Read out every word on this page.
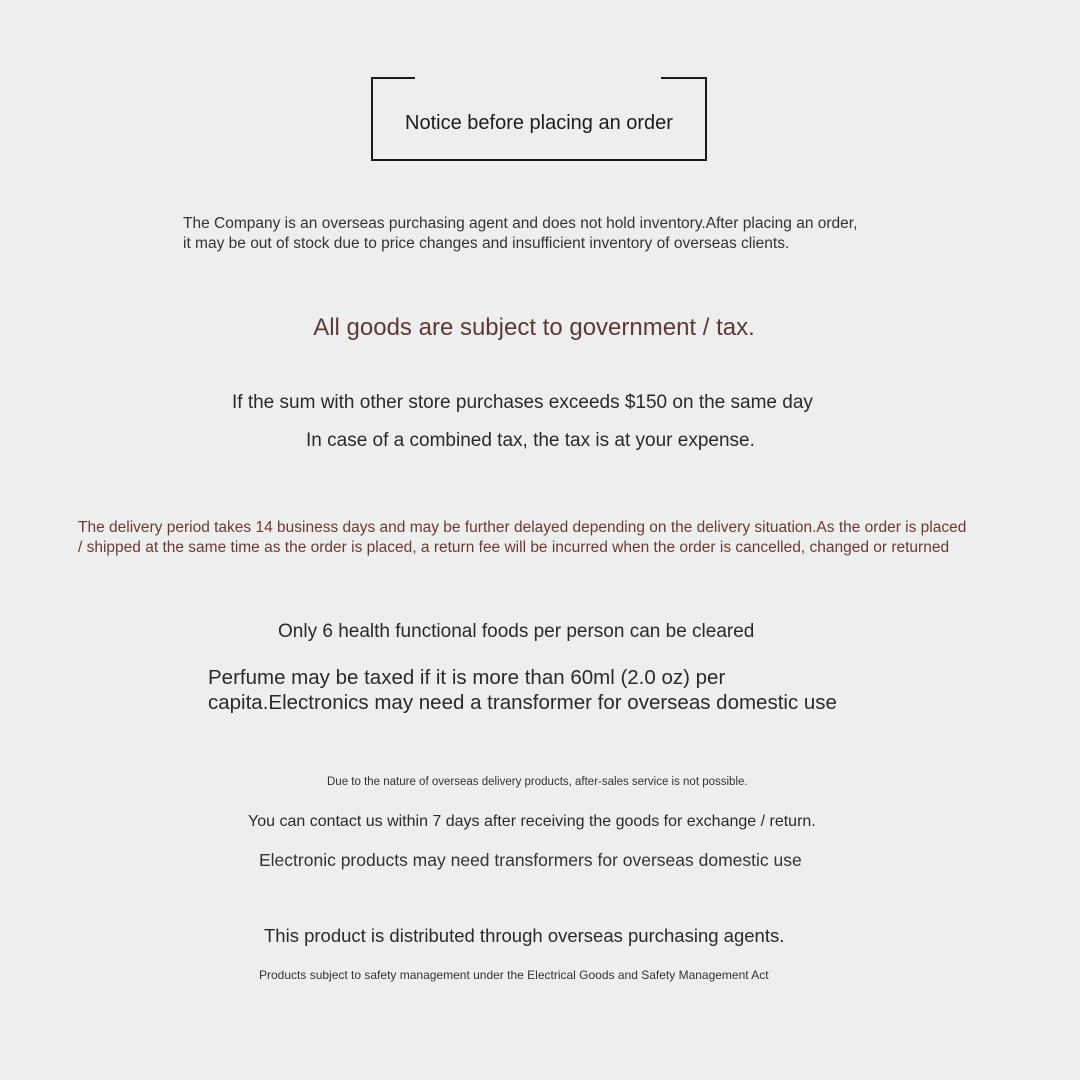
Notice before placing an order

The Company is an overseas purchasing agent and does not hold inventory.After placing an order,
it may be out of stock due to price changes and insufficient inventory of overseas clients.

All goods are subject to government / tax.

If the sum with other store purchases exceeds $150 on the same day

In case of a combined tax, the tax is at your expense.

The delivery period takes 14 business days and may be further delayed depending on the delivery situation.As the order is placed
/ shipped at the same time as the order is placed, a return fee will be incurred when the order is cancelled, changed or returned

Only 6 health functional foods per person can be cleared

Perfume may be taxed if it is more than 60ml (2.0 oz) per
capita.Electronics may need a transformer for overseas domestic use

Due to the nature of overseas delivery products, after-sales service is not possible.

You can contact us within 7 days after receiving the goods for exchange / return.

Electronic products may need transformers for overseas domestic use

This product is distributed through overseas purchasing agents.

Products subject to safety management under the Electrical Goods and Safety Management Act
